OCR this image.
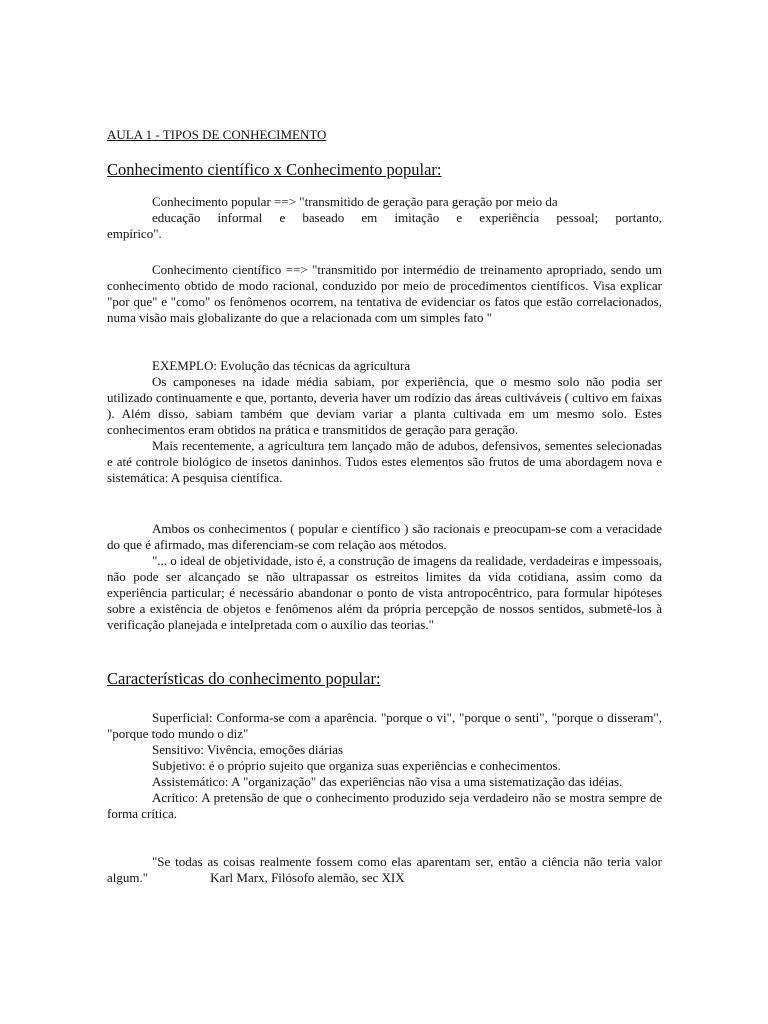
AULA 1 - TIPOS DE CONHECIMENTO
Conhecimento científico x Conhecimento popular:
Conhecimento popular ==> "transmitido de geração para geração por meio da
educação informal e baseado em imitação e experiência pessoal; portanto,
empírico".

Conhecimento científico ==> "transmitido por intermédio de treinamento apropriado, sendo um conhecimento obtido de modo racional, conduzido por meio de procedimentos científicos. Visa explicar "por que" e "como" os fenômenos ocorrem, na tentativa de evidenciar os fatos que estão correlacionados, numa visão mais globalizante do que a relacionada com um simples fato "

EXEMPLO: Evolução das técnicas da agricultura

Os camponeses na idade média sabiam, por experiência, que o mesmo solo não podia ser utilizado continuamente e que, portanto, deveria haver um rodízio das áreas cultiváveis ( cultivo em faixas ). Além disso, sabiam também que deviam variar a planta cultivada em um mesmo solo. Estes conhecimentos eram obtidos na prática e transmitidos de geração para geração.

Mais recentemente, a agricultura tem lançado mão de adubos, defensivos, sementes selecionadas e até controle biológico de insetos daninhos. Tudos estes elementos são frutos de uma abordagem nova e sistemática: A pesquisa científica.

Ambos os conhecimentos ( popular e científico ) são racionais e preocupam-se com a veracidade do que é afirmado, mas diferenciam-se com relação aos métodos.

"... o ideal de objetividade, isto é, a construção de imagens da realidade, verdadeiras e impessoais, não pode ser alcançado se não ultrapassar os estreitos limites da vida cotidiana, assim como da experiência particular; é necessário abandonar o ponto de vista antropocêntrico, para formular hipóteses sobre a existência de objetos e fenômenos além da própria percepção de nossos sentidos, submetê-los à verificação planejada e inteIpretada com o auxílio das teorias."

Características do conhecimento popular:

Superficial: Conforma-se com a aparência. "porque o vi", "porque o senti", "porque o disseram", "porque todo mundo o diz"

Sensitivo: Vivência, emoções diárias

Subjetivo: é o próprio sujeito que organiza suas experiências e conhecimentos.

Assistemático: A "organização" das experiências não visa a uma sistematização das idéias.

Acrítico: A pretensão de que o conhecimento produzido seja verdadeiro não se mostra sempre de forma crítica.

"Se todas as coisas realmente fossem como elas aparentam ser, então a ciência não teria valor algum."	Karl Marx, Filósofo alemão, sec XIX
